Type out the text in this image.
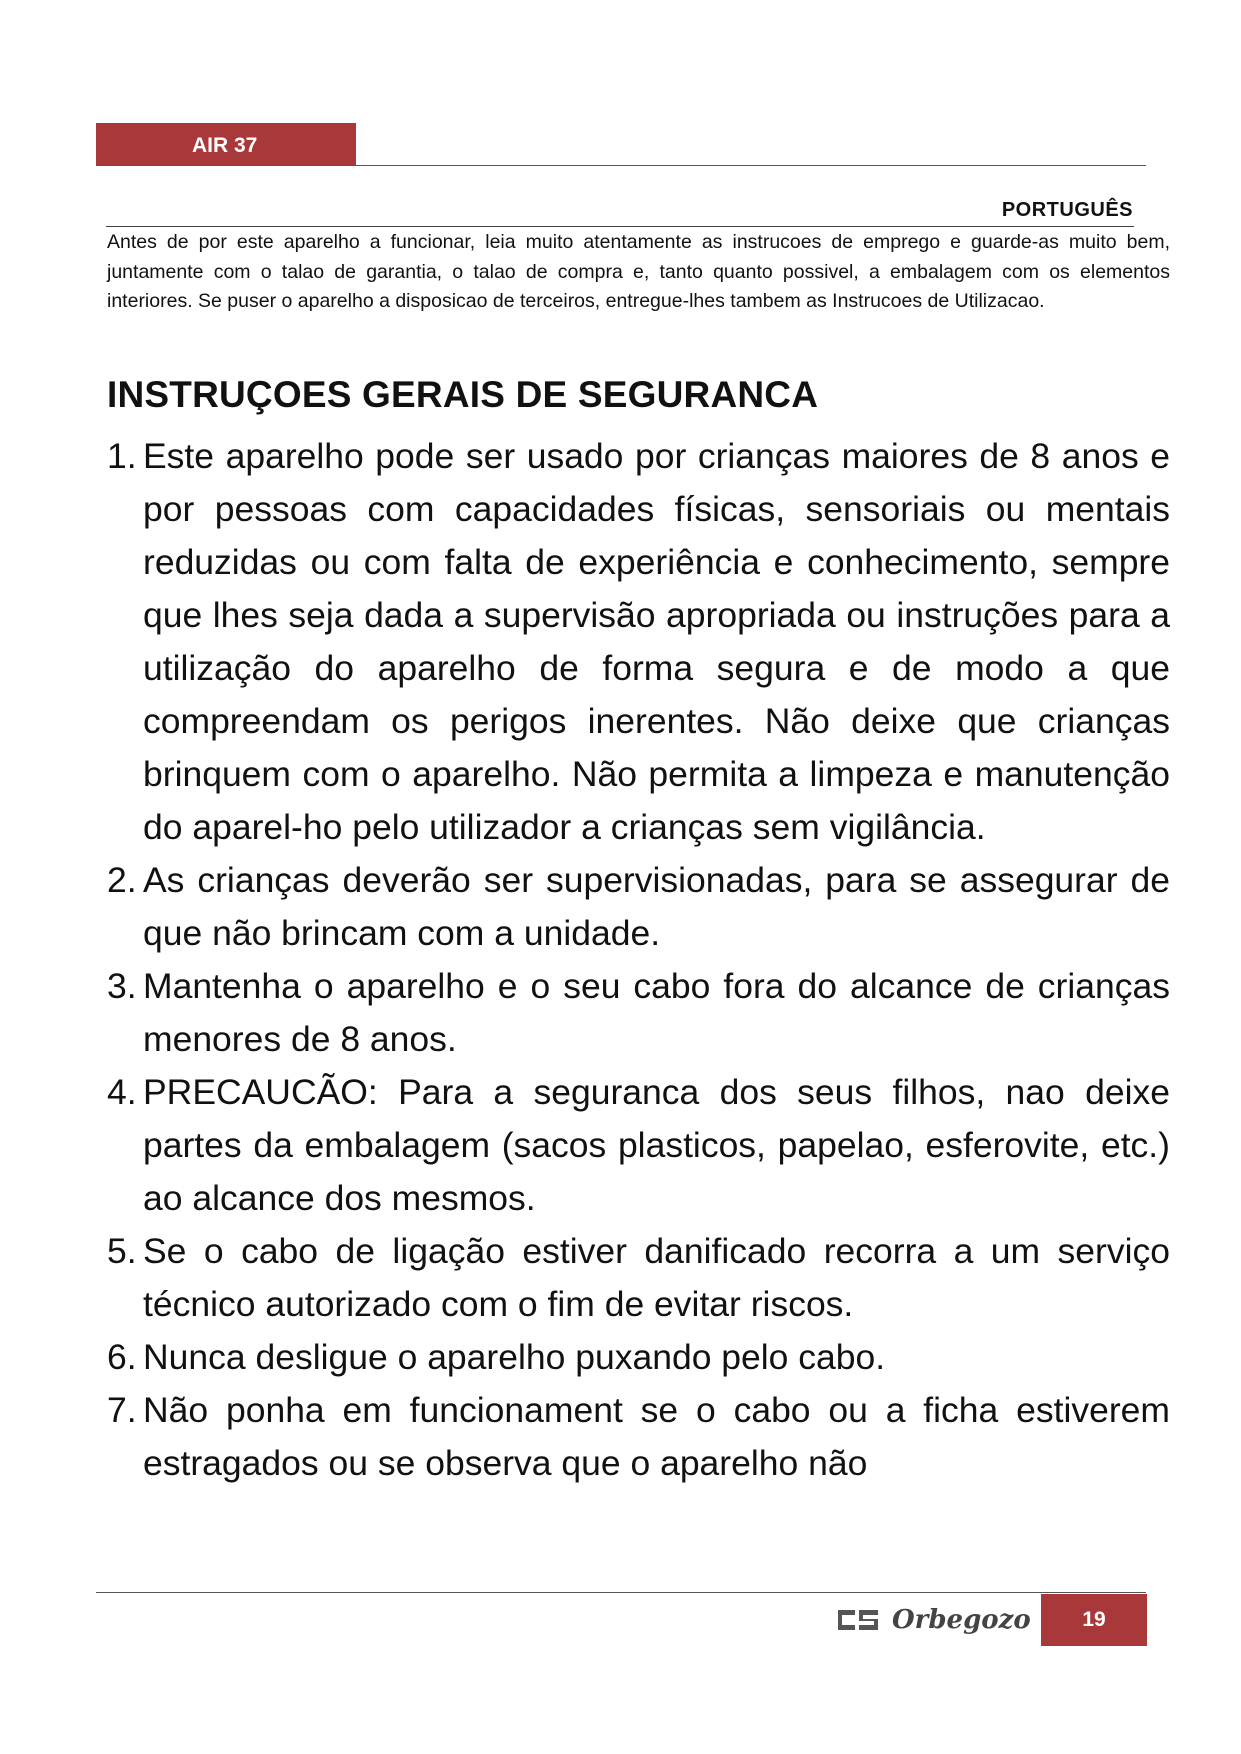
AIR 37
PORTUGUÊS

Antes de por este aparelho a funcionar, leia muito atentamente as instrucoes de emprego e guarde-as muito bem, juntamente com o talao de garantia, o talao de compra e, tanto quanto possivel, a embalagem com os elementos interiores. Se puser o aparelho a disposicao de terceiros, entregue-lhes tambem as Instrucoes de Utilizacao.

INSTRUÇOES GERAIS DE SEGURANCA
1. Este aparelho pode ser usado por crianças maiores de 8 anos e por pessoas com capacidades físicas, sensoriais ou mentais reduzidas ou com falta de experiência e conhecimento, sempre que lhes seja dada a supervisão apropriada ou instruções para a utilização do aparelho de forma segura e de modo a que compreendam os perigos inerentes. Não deixe que crianças brinquem com o aparelho. Não permita a limpeza e manutenção do aparel-ho pelo utilizador a crianças sem vigilância.
2. As crianças deverão ser supervisionadas, para se assegurar de que não brincam com a unidade.
3. Mantenha o aparelho e o seu cabo fora do alcance de crianças menores de 8 anos.
4. PRECAUCÃO: Para a seguranca dos seus filhos, nao deixe partes da embalagem (sacos plasticos, papelao, esferovite, etc.) ao alcance dos mesmos.
5. Se o cabo de ligação estiver danificado recorra a um serviço técnico autorizado com o fim de evitar riscos.
6. Nunca desligue o aparelho puxando pelo cabo.
7. Não ponha em funcionament se o cabo ou a ficha estiverem estragados ou se observa que o aparelho não
Orbegozo	19
